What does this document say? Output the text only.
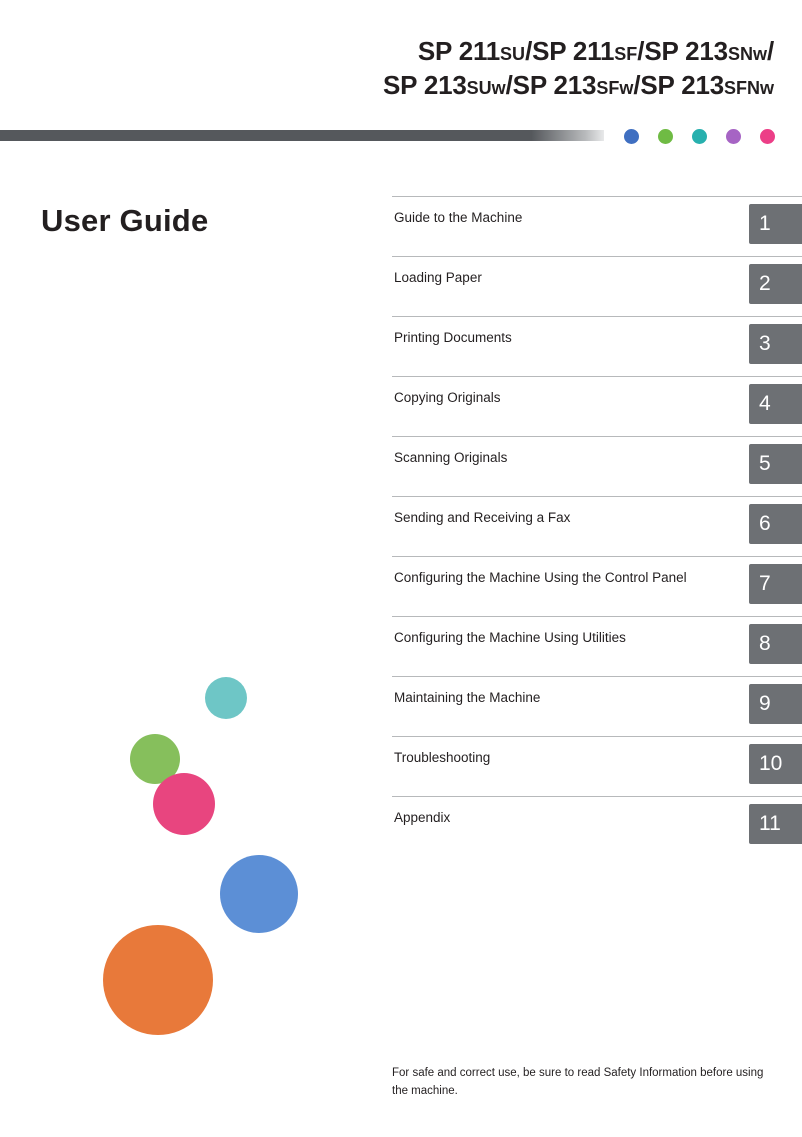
SP 211SU/SP 211SF/SP 213SNw/
SP 213SUw/SP 213SFw/SP 213SFNw
User Guide	Guide to the Machine	1
Loading Paper	2
Printing Documents	3
Copying Originals	4
Scanning Originals	5
Sending and Receiving a Fax	6
Configuring the Machine Using the Control Panel	7
Configuring the Machine Using Utilities	8
Maintaining the Machine	9
Troubleshooting	10
Appendix	11
For safe and correct use, be sure to read Safety Information before using the machine.
